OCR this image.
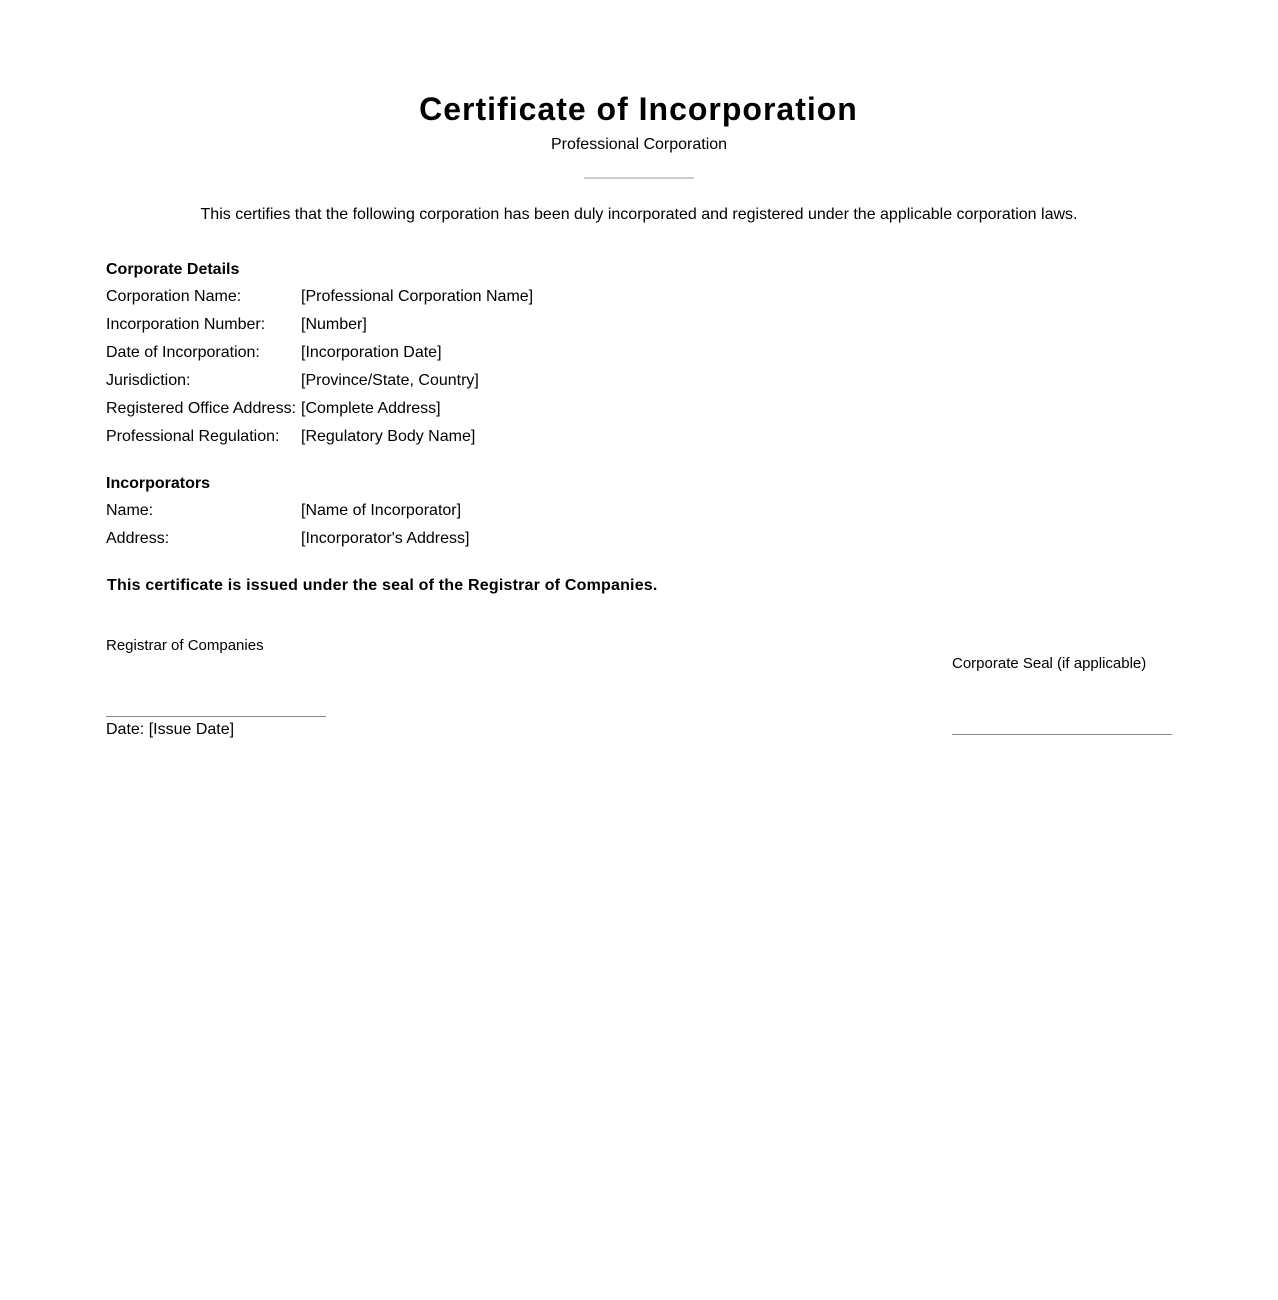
Certificate of Incorporation
Professional Corporation
This certifies that the following corporation has been duly incorporated and registered under the applicable corporation laws.
Corporate Details
Corporation Name:	[Professional Corporation Name]
Incorporation Number: [Number]
Date of Incorporation:	[Incorporation Date]
Jurisdiction:	[Province/State, Country]
Registered Office Address: [Complete Address]
Professional Regulation: [Regulatory Body Name]
Incorporators
Name:	[Name of Incorporator]
Address:	[Incorporator's Address]
This certificate is issued under the seal of the Registrar of Companies.
Registrar of Companies
Date: [Issue Date]
Corporate Seal (if applicable)
